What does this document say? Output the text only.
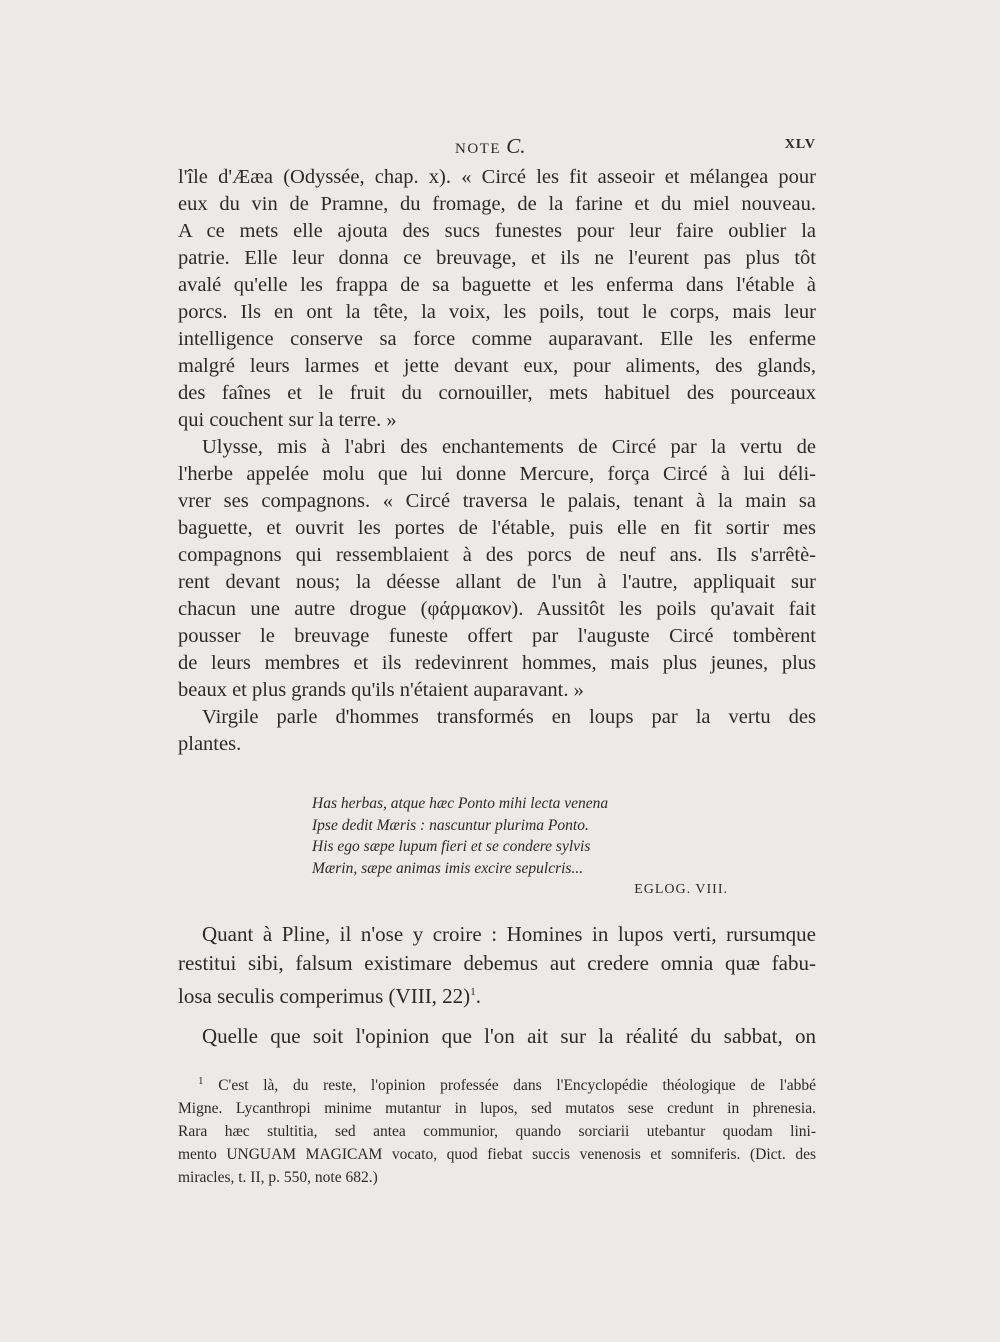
NOTE C.	XLV
l'île d'Ææa (Odyssée, chap. x). « Circé les fit asseoir et mélangea pour
eux du vin de Pramne, du fromage, de la farine et du miel nouveau.
A ce mets elle ajouta des sucs funestes pour leur faire oublier la
patrie. Elle leur donna ce breuvage, et ils ne l'eurent pas plus tôt
avalé qu'elle les frappa de sa baguette et les enferma dans l'étable à
porcs. Ils en ont la tête, la voix, les poils, tout le corps, mais leur
intelligence conserve sa force comme auparavant. Elle les enferme
malgré leurs larmes et jette devant eux, pour aliments, des glands,
des faînes et le fruit du cornouiller, mets habituel des pourceaux
qui couchent sur la terre. »
Ulysse, mis à l'abri des enchantements de Circé par la vertu de
l'herbe appelée molu que lui donne Mercure, força Circé à lui déli-
vrer ses compagnons. « Circé traversa le palais, tenant à la main sa
baguette, et ouvrit les portes de l'étable, puis elle en fit sortir mes
compagnons qui ressemblaient à des porcs de neuf ans. Ils s'arrêtè-
rent devant nous; la déesse allant de l'un à l'autre, appliquait sur
chacun une autre drogue (φάρμακον). Aussitôt les poils qu'avait fait
pousser le breuvage funeste offert par l'auguste Circé tombèrent
de leurs membres et ils redevinrent hommes, mais plus jeunes, plus
beaux et plus grands qu'ils n'étaient auparavant. »
Virgile parle d'hommes transformés en loups par la vertu des
plantes.
Has herbas, atque hæc Ponto mihi lecta venena
Ipse dedit Mæris : nascuntur plurima Ponto.
His ego sæpe lupum fieri et se condere sylvis
Mærin, sæpe animas imis excire sepulcris...
EGLOG. VIII.
Quant à Pline, il n'ose y croire : Homines in lupos verti, rursumque
restitui sibi, falsum existimare debemus aut credere omnia quæ fabu-
losa seculis comperimus (VIII, 22)$^1$.
Quelle que soit l'opinion que l'on ait sur la réalité du sabbat, on
$^1$ C'est là, du reste, l'opinion professée dans l'Encyclopédie théologique de l'abbé
Migne. Lycanthropi minime mutantur in lupos, sed mutatos sese credunt in phrenesia.
Rara hæc stultitia, sed antea communior, quando sorciarii utebantur quodam lini-
mento UNGUAM MAGICAM vocato, quod fiebat succis venenosis et somniferis. (Dict. des
miracles, t. II, p. 550, note 682.)
